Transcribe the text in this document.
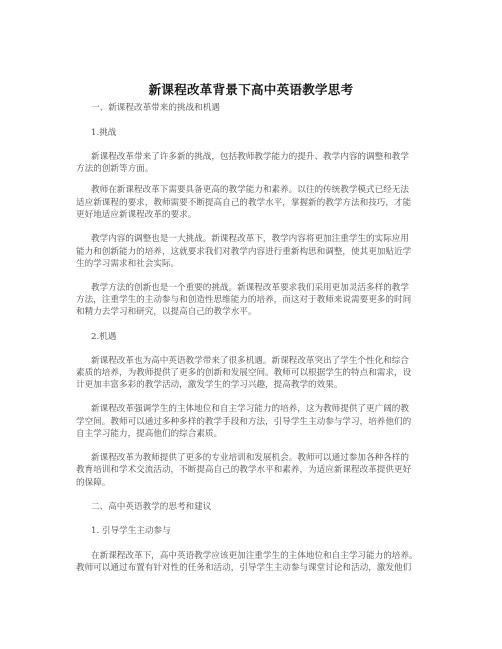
新课程改革背景下高中英语教学思考
一、新课程改革带来的挑战和机遇
1.挑战
新课程改革带来了许多新的挑战，包括教师教学能力的提升、教学内容的调整和教学
方法的创新等方面。
教师在新课程改革下需要具备更高的教学能力和素养。以往的传统教学模式已经无法
适应新课程的要求，教师需要不断提高自己的教学水平，掌握新的教学方法和技巧，才能
更好地适应新课程改革的要求。
教学内容的调整也是一大挑战。新课程改革下，教学内容将更加注重学生的实际应用
能力和创新能力的培养，这就要求我们对教学内容进行重新构思和调整，使其更加贴近学
生的学习需求和社会实际。
教学方法的创新也是一个重要的挑战。新课程改革要求我们采用更加灵活多样的教学
方法，注重学生的主动参与和创造性思维能力的培养，而这对于教师来说需要更多的时间
和精力去学习和研究，以提高自己的教学水平。
2.机遇
新课程改革也为高中英语教学带来了很多机遇。新课程改革突出了学生个性化和综合
素质的培养，为教师提供了更多的创新和发展空间。教师可以根据学生的特点和需求，设
计更加丰富多彩的教学活动，激发学生的学习兴趣，提高教学的效果。
新课程改革强调学生的主体地位和自主学习能力的培养，这为教师提供了更广阔的教
学空间。教师可以通过多种多样的教学手段和方法，引导学生主动参与学习，培养他们的
自主学习能力，提高他们的综合素质。
新课程改革为教师提供了更多的专业培训和发展机会。教师可以通过参加各种各样的
教育培训和学术交流活动，不断提高自己的教学水平和素养，为适应新课程改革提供更好
的保障。
二、高中英语教学的思考和建议
1. 引导学生主动参与
在新课程改革下，高中英语教学应该更加注重学生的主体地位和自主学习能力的培养。
教师可以通过布置有针对性的任务和活动，引导学生主动参与课堂讨论和活动，激发他们
